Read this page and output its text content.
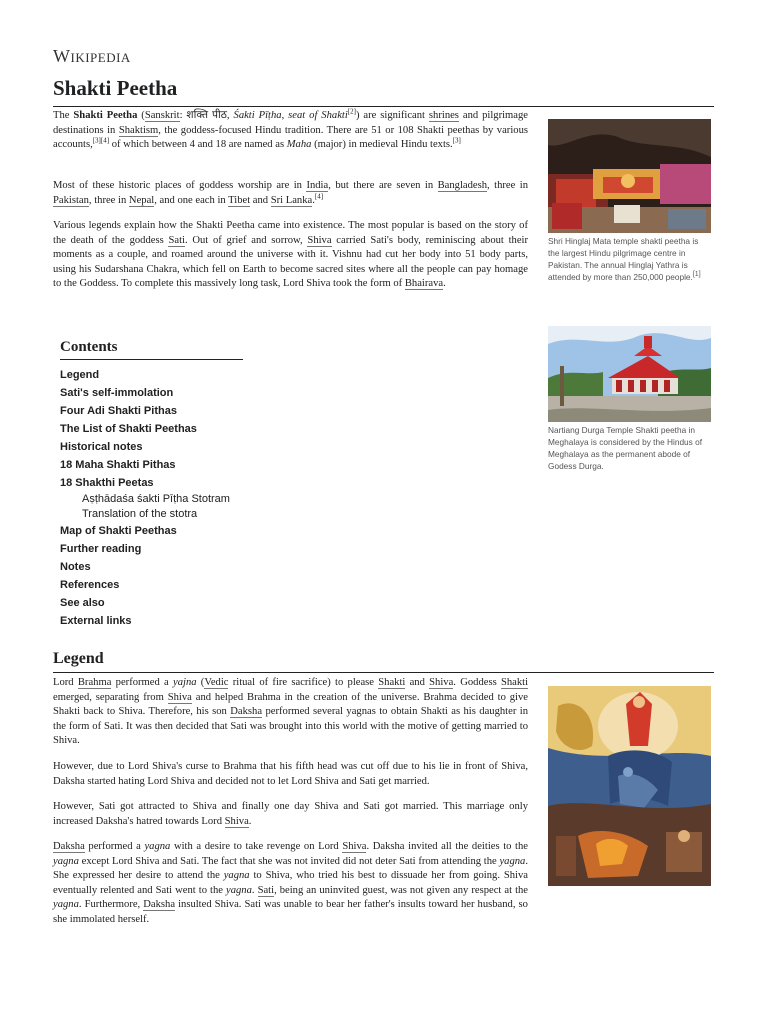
Wikipedia
Shakti Peetha

The Shakti Peetha (Sanskrit: शक्ति पीठ, Śakti Pīṭha, seat of Shakti[2]) are significant shrines and pilgrimage destinations in Shaktism, the goddess-focused Hindu tradition. There are 51 or 108 Shakti peethas by various accounts,[3][4] of which between 4 and 18 are named as Maha (major) in medieval Hindu texts.[3]

Most of these historic places of goddess worship are in India, but there are seven in Bangladesh, three in Pakistan, three in Nepal, and one each in Tibet and Sri Lanka.[4]

Various legends explain how the Shakti Peetha came into existence. The most popular is based on the story of the death of the goddess Sati. Out of grief and sorrow, Shiva carried Sati's body, reminiscing about their moments as a couple, and roamed around the universe with it. Vishnu had cut her body into 51 body parts, using his Sudarshana Chakra, which fell on Earth to become sacred sites where all the people can pay homage to the Goddess. To complete this massively long task, Lord Shiva took the form of Bhairava.

Contents
Legend
Sati's self-immolation
Four Adi Shakti Pithas
The List of Shakti Peethas
Historical notes
18 Maha Shakti Pithas
18 Shakthi Peetas
Aṣṭhādaśa śakti Pīṭha Stotram
Translation of the stotra
Map of Shakti Peethas
Further reading
Notes
References
See also
External links
Shri Hinglaj Mata temple shakti peetha is the largest Hindu pilgrimage centre in Pakistan. The annual Hinglaj Yathra is attended by more than 250,000 people.[1]
Nartiang Durga Temple Shakti peetha in Meghalaya is considered by the Hindus of Meghalaya as the permanent abode of Godess Durga.
Legend

Lord Brahma performed a yajna (Vedic ritual of fire sacrifice) to please Shakti and Shiva. Goddess Shakti emerged, separating from Shiva and helped Brahma in the creation of the universe. Brahma decided to give Shakti back to Shiva. Therefore, his son Daksha performed several yagnas to obtain Shakti as his daughter in the form of Sati. It was then decided that Sati was brought into this world with the motive of getting married to Shiva.

However, due to Lord Shiva's curse to Brahma that his fifth head was cut off due to his lie in front of Shiva, Daksha started hating Lord Shiva and decided not to let Lord Shiva and Sati get married.

However, Sati got attracted to Shiva and finally one day Shiva and Sati got married. This marriage only increased Daksha's hatred towards Lord Shiva.

Daksha performed a yagna with a desire to take revenge on Lord Shiva. Daksha invited all the deities to the yagna except Lord Shiva and Sati. The fact that she was not invited did not deter Sati from attending the yagna. She expressed her desire to attend the yagna to Shiva, who tried his best to dissuade her from going. Shiva eventually relented and Sati went to the yagna. Sati, being an uninvited guest, was not given any respect at the yagna. Furthermore, Daksha insulted Shiva. Sati was unable to bear her father's insults toward her husband, so she immolated herself.
